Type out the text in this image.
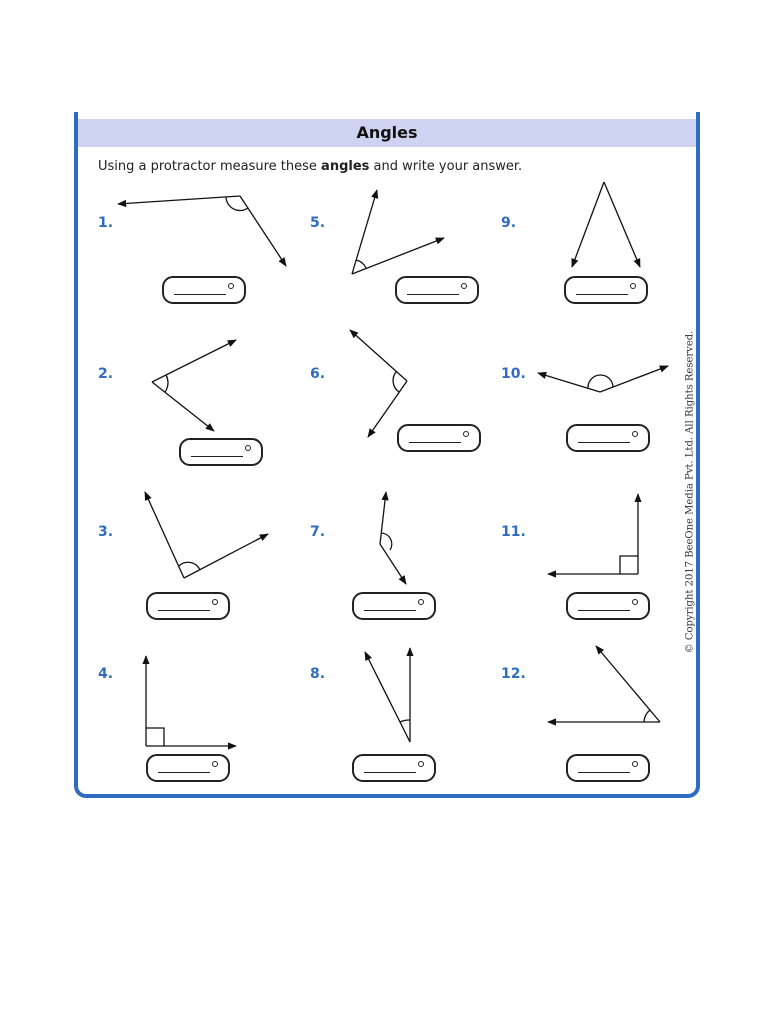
Angles
Using a protractor measure these angles and write your answer.
1.
2.
3.
4.
5.
6.
7.
8.
9.
10.
11.
12.
© Copyright 2017 BeeOne Media Pvt. Ltd. All Rights Reserved.
